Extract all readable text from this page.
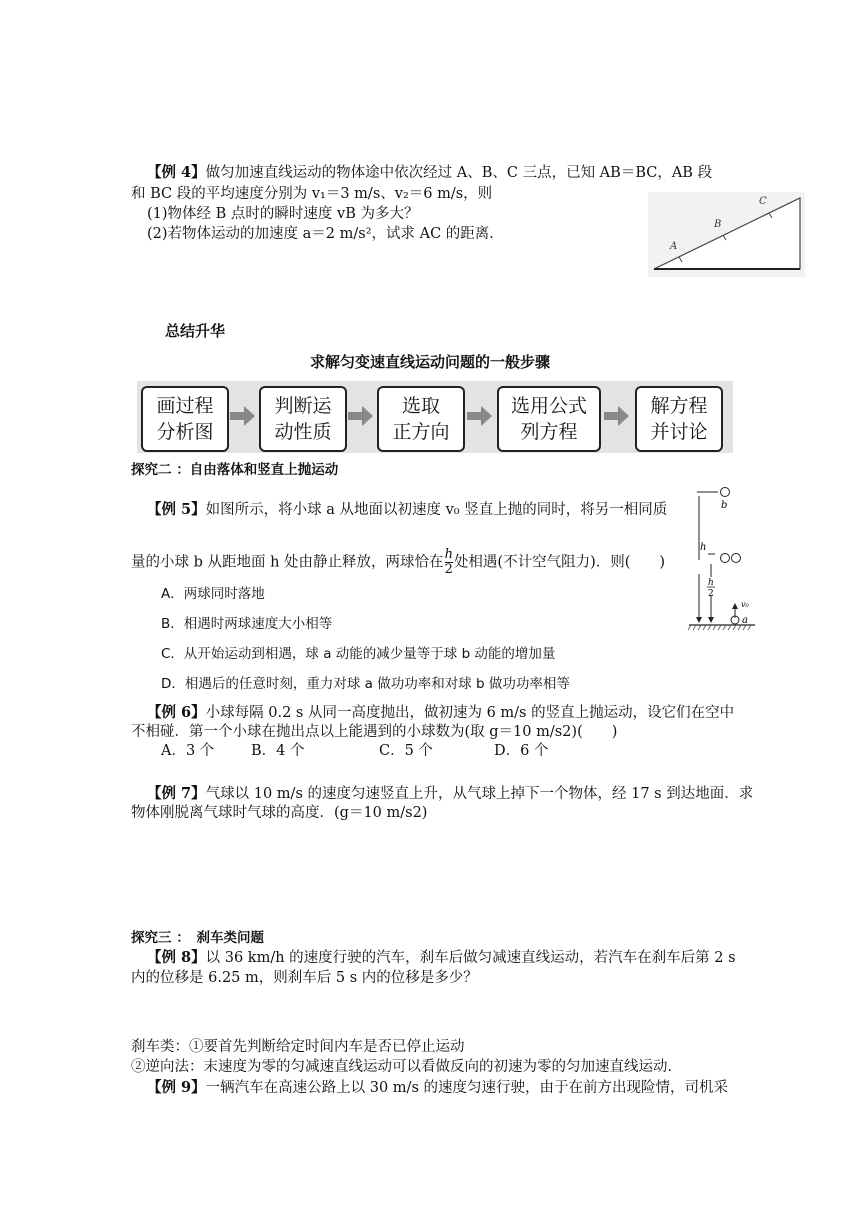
【例 4】做匀加速直线运动的物体途中依次经过 A、B、C 三点，已知 AB＝BC，AB 段
和 BC 段的平均速度分别为 v₁＝3 m/s、v₂＝6 m/s，则
(1)物体经 B 点时的瞬时速度 vB 为多大？
(2)若物体运动的加速度 a＝2 m/s²，试求 AC 的距离．
A
B
C
总结升华
求解匀变速直线运动问题的一般步骤
画过程
分析图
判断运
动性质
选取
正方向
选用公式
列方程
解方程
并讨论
探究二 ：自由落体和竖直上抛运动
【例 5】如图所示，将小球 a 从地面以初速度 v₀ 竖直上抛的同时，将另一相同质
量的小球 b 从距地面 h 处由静止释放，两球恰在 $\frac{h}{2}$ 处相遇(不计空气阻力)．则(　　)
A．两球同时落地
B．相遇时两球速度大小相等
C．从开始运动到相遇，球 a 动能的减少量等于球 b 动能的增加量
D．相遇后的任意时刻，重力对球 a 做功功率和对球 b 做功功率相等
b
h
h
2
v₀
a
【例 6】小球每隔 0.2 s 从同一高度抛出，做初速为 6 m/s 的竖直上抛运动，设它们在空中
不相碰．第一个小球在抛出点以上能遇到的小球数为(取 g＝10 m/s2)(　　)
A．3 个	B．4 个	C．5 个	D．6 个
【例 7】气球以 10 m/s 的速度匀速竖直上升，从气球上掉下一个物体，经 17 s 到达地面．求
物体刚脱离气球时气球的高度．(g＝10 m/s2)
探究三 ：　刹车类问题
【例 8】以 36 km/h 的速度行驶的汽车，刹车后做匀减速直线运动，若汽车在刹车后第 2 s
内的位移是 6.25 m，则刹车后 5 s 内的位移是多少？
刹车类：①要首先判断给定时间内车是否已停止运动
②逆向法：末速度为零的匀减速直线运动可以看做反向的初速为零的匀加速直线运动．
【例 9】一辆汽车在高速公路上以 30 m/s 的速度匀速行驶，由于在前方出现险情，司机采
